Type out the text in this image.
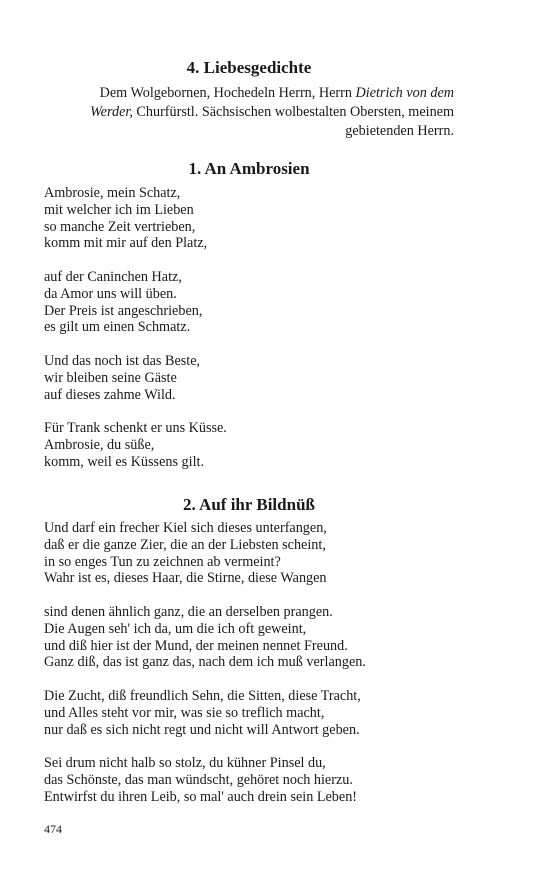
4. Liebesgedichte

Dem Wolgebornen, Hochedeln Herrn, Herrn Dietrich von dem
Werder, Churfürstl. Sächsischen wolbestalten Obersten, meinem
gebietenden Herrn.

1. An Ambrosien

Ambrosie, mein Schatz,
mit welcher ich im Lieben
so manche Zeit vertrieben,
komm mit mir auf den Platz,

auf der Caninchen Hatz,
da Amor uns will üben.
Der Preis ist angeschrieben,
es gilt um einen Schmatz.

Und das noch ist das Beste,
wir bleiben seine Gäste
auf dieses zahme Wild.

Für Trank schenkt er uns Küsse.
Ambrosie, du süße,
komm, weil es Küssens gilt.

2. Auf ihr Bildnüß

Und darf ein frecher Kiel sich dieses unterfangen,
daß er die ganze Zier, die an der Liebsten scheint,
in so enges Tun zu zeichnen ab vermeint?
Wahr ist es, dieses Haar, die Stirne, diese Wangen

sind denen ähnlich ganz, die an derselben prangen.
Die Augen seh' ich da, um die ich oft geweint,
und diß hier ist der Mund, der meinen nennet Freund.
Ganz diß, das ist ganz das, nach dem ich muß verlangen.

Die Zucht, diß freundlich Sehn, die Sitten, diese Tracht,
und Alles steht vor mir, was sie so treflich macht,
nur daß es sich nicht regt und nicht will Antwort geben.

Sei drum nicht halb so stolz, du kühner Pinsel du,
das Schönste, das man wündscht, gehöret noch hierzu.
Entwirfst du ihren Leib, so mal' auch drein sein Leben!

474
